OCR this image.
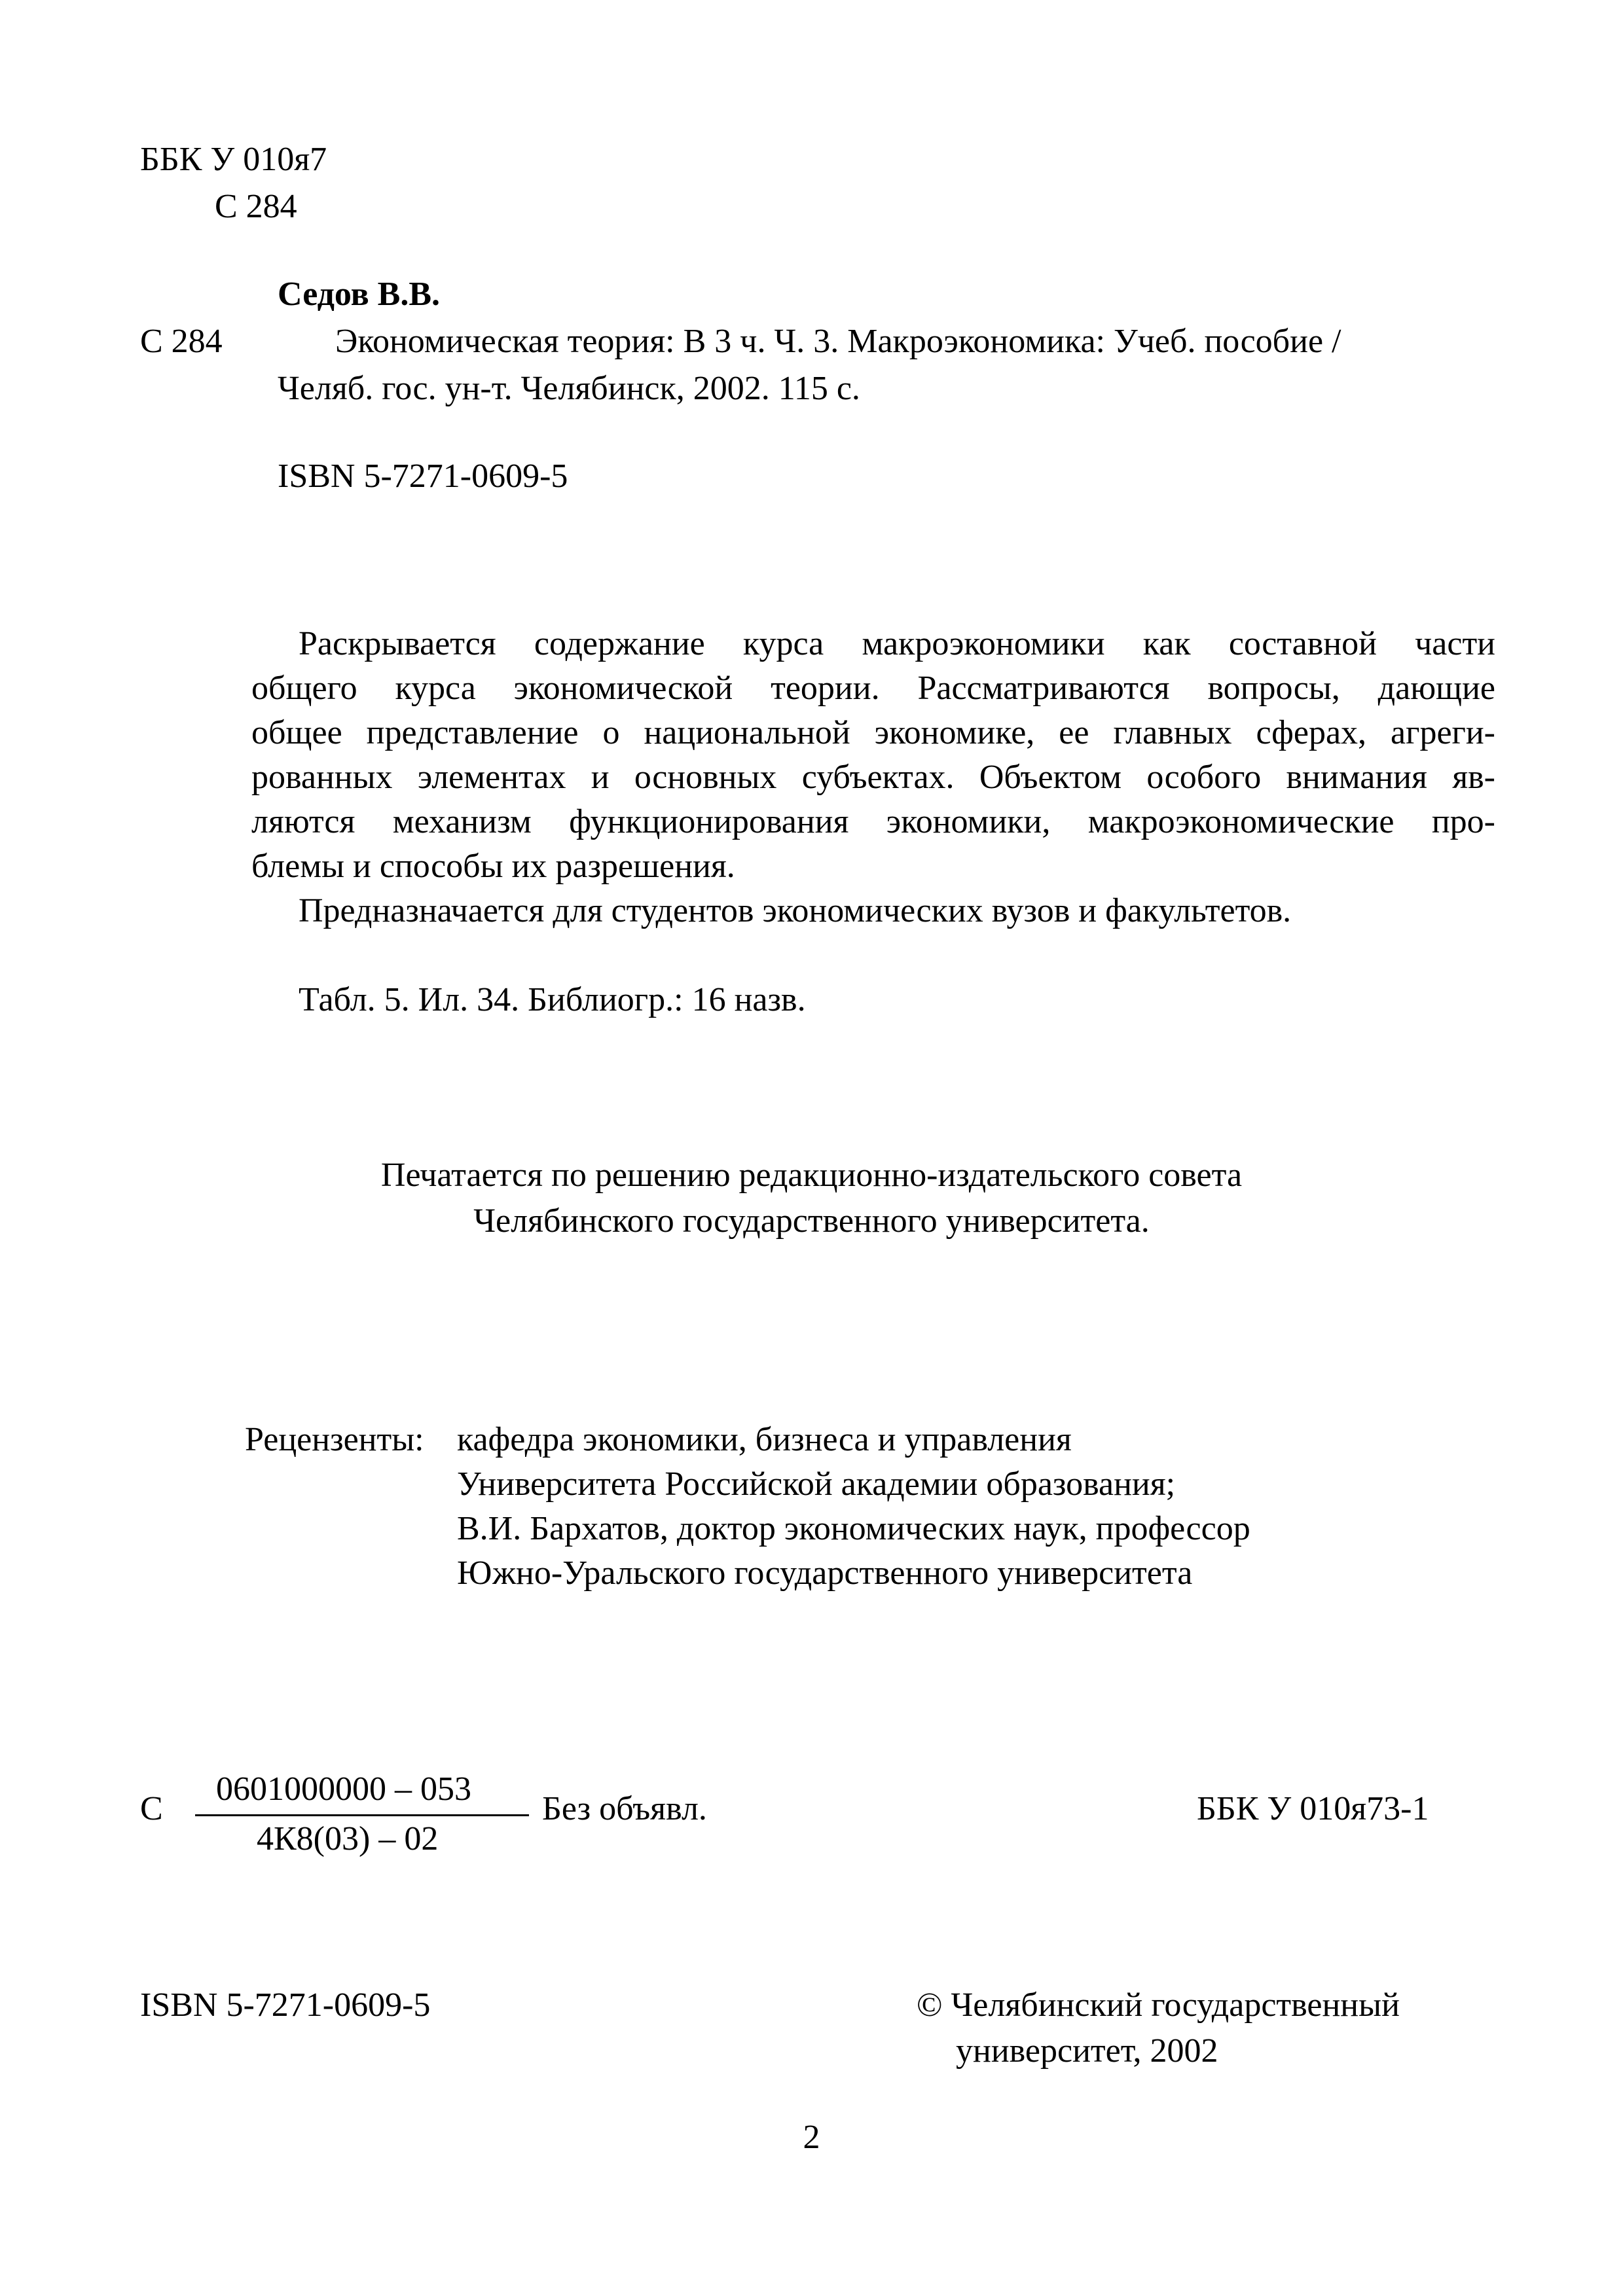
ББК У 010я7
С 284
Седов В.В.
С 284	Экономическая теория: В 3 ч. Ч. 3. Макроэкономика: Учеб. пособие /
Челяб. гос. ун-т. Челябинск, 2002. 115 с.
ISBN 5-7271-0609-5
Раскрывается содержание курса макроэкономики как составной части
общего курса экономической теории. Рассматриваются вопросы, дающие
общее представление о национальной экономике, ее главных сферах, агреги-
рованных элементах и основных субъектах. Объектом особого внимания яв-
ляются механизм функционирования экономики, макроэкономические про-
блемы и способы их разрешения.
Предназначается для студентов экономических вузов и факультетов.
Табл. 5. Ил. 34. Библиогр.: 16 назв.
Печатается по решению редакционно-издательского совета
Челябинского государственного университета.
Рецензенты: кафедра экономики, бизнеса и управления
Университета Российской академии образования;
В.И. Бархатов, доктор экономических наук, профессор
Южно-Уральского государственного университета
С
0601000000 – 053
4К8(03) – 02
Без объявл.	ББК У 010я73-1
ISBN 5-7271-0609-5	© Челябинский государственный
университет, 2002
2
